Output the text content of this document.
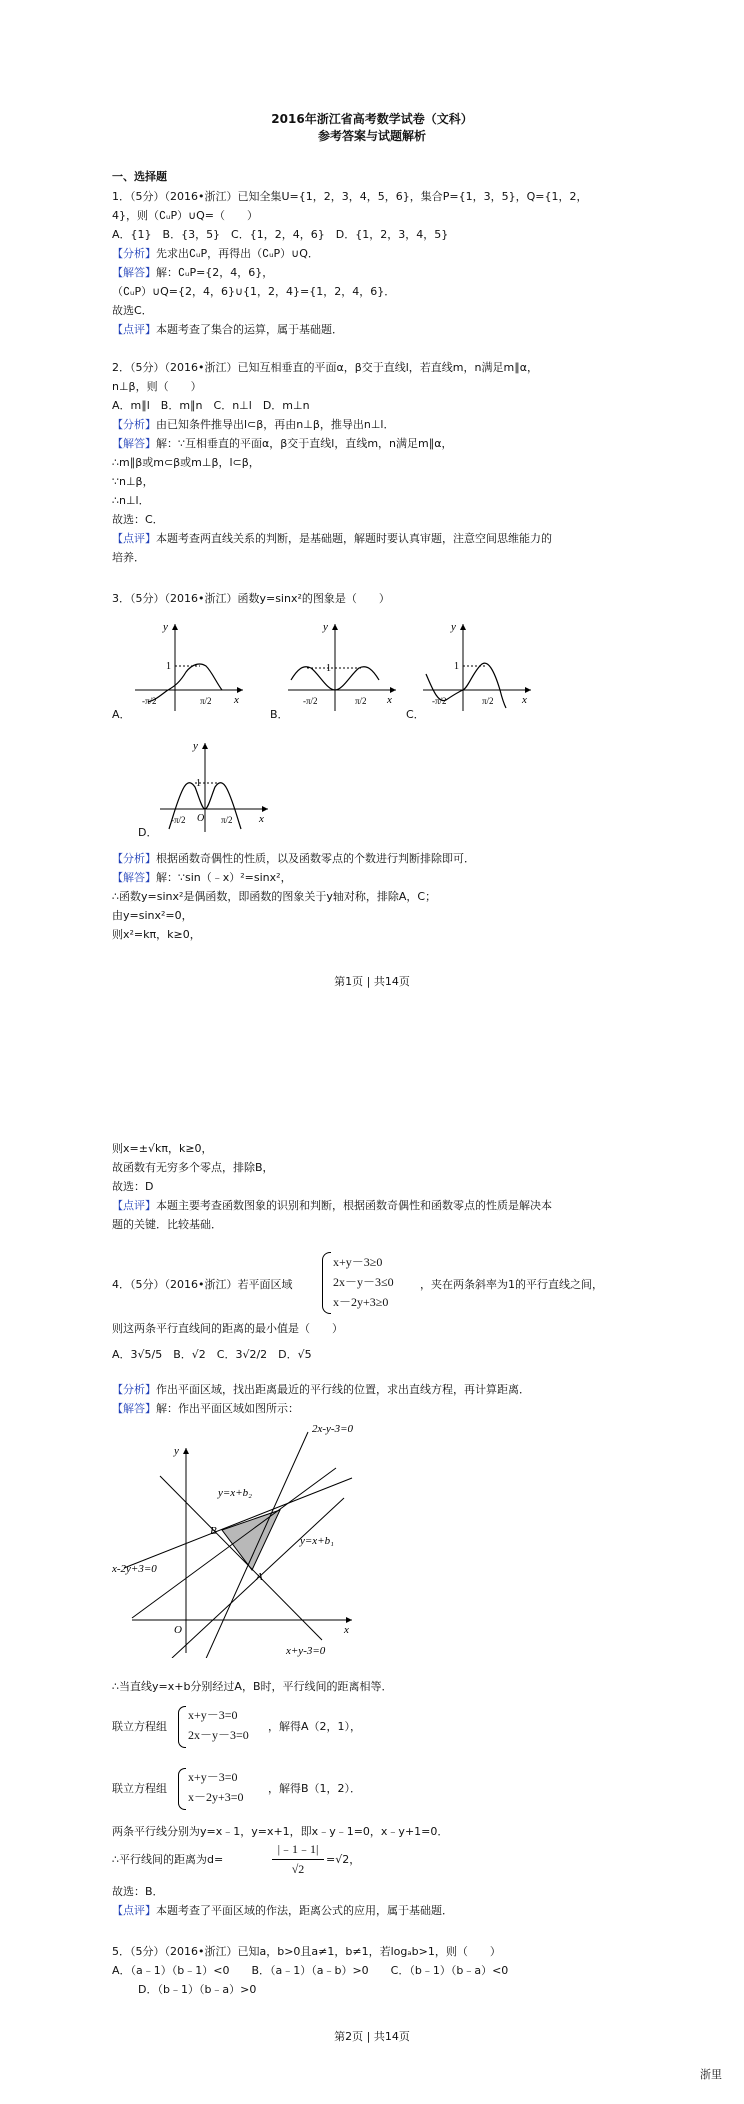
2016年浙江省高考数学试卷（文科）
参考答案与试题解析
一、选择题
1．（5分）（2016•浙江）已知全集U={1，2，3，4，5，6}，集合P={1，3，5}，Q={1，2，
4}，则（∁ᵤP）∪Q=（　　）
A．{1}　B．{3，5}　C．{1，2，4，6}　D．{1，2，3，4，5}
【分析】先求出∁ᵤP，再得出（∁ᵤP）∪Q．
【解答】解：∁ᵤP={2，4，6}，
（∁ᵤP）∪Q={2，4，6}∪{1，2，4}={1，2，4，6}．
故选C．
【点评】本题考查了集合的运算，属于基础题．
2．（5分）（2016•浙江）已知互相垂直的平面α，β交于直线l，若直线m，n满足m∥α，
n⊥β，则（　　）
A．m∥l　B．m∥n　C．n⊥l　D．m⊥n
【分析】由已知条件推导出l⊂β，再由n⊥β，推导出n⊥l．
【解答】解：∵互相垂直的平面α，β交于直线l，直线m，n满足m∥α，
∴m∥β或m⊂β或m⊥β，l⊂β，
∵n⊥β，
∴n⊥l．
故选：C．
【点评】本题考查两直线关系的判断，是基础题，解题时要认真审题，注意空间思维能力的
培养．
3．（5分）（2016•浙江）函数y=sinx²的图象是（　　）
y
x
1
-π/2	π/2
A．
y
x
1
-π/2	π/2
B．
y
x
1
-π/2	π/2
C．
y
x
1
O
-π/2	π/2
D．
【分析】根据函数奇偶性的性质，以及函数零点的个数进行判断排除即可．
【解答】解：∵sin（﹣x）²=sinx²，
∴函数y=sinx²是偶函数，即函数的图象关于y轴对称，排除A，C；
由y=sinx²=0，
则x²=kπ，k≥0，
第1页 | 共14页
则x=±√kπ，k≥0，
故函数有无穷多个零点，排除B，
故选：D
【点评】本题主要考查函数图象的识别和判断，根据函数奇偶性和函数零点的性质是解决本
题的关键．比较基础．
4．（5分）（2016•浙江）若平面区域
x+y－3≥0
2x－y－3≤0
x－2y+3≥0
，夹在两条斜率为1的平行直线之间，
则这两条平行直线间的距离的最小值是（　　）
A．3√5/5　B．√2　C．3√2/2　D．√5
【分析】作出平面区域，找出距离最近的平行线的位置，求出直线方程，再计算距离．
【解答】解：作出平面区域如图所示：
2x-y-3=0
y=x+b₂
y=x+b₁
x-2y+3=0
x+y-3=0
B
A
O	x
y
∴当直线y=x+b分别经过A，B时，平行线间的距离相等．
联立方程组
x+y－3=0
2x－y－3=0
，解得A（2，1），
联立方程组
x+y－3=0
x－2y+3=0
，解得B（1，2）．
两条平行线分别为y=x﹣1，y=x+1，即x﹣y﹣1=0，x﹣y+1=0．
∴平行线间的距离为d=
|﹣1﹣1|
√2
=√2，
故选：B．
【点评】本题考查了平面区域的作法，距离公式的应用，属于基础题．
5．（5分）（2016•浙江）已知a，b>0且a≠1，b≠1，若logₐb>1，则（　　）
A．（a﹣1）（b﹣1）<0　　B．（a﹣1）（a﹣b）>0　　C．（b﹣1）（b﹣a）<0
D．（b﹣1）（b﹣a）>0
第2页 | 共14页
浙里
